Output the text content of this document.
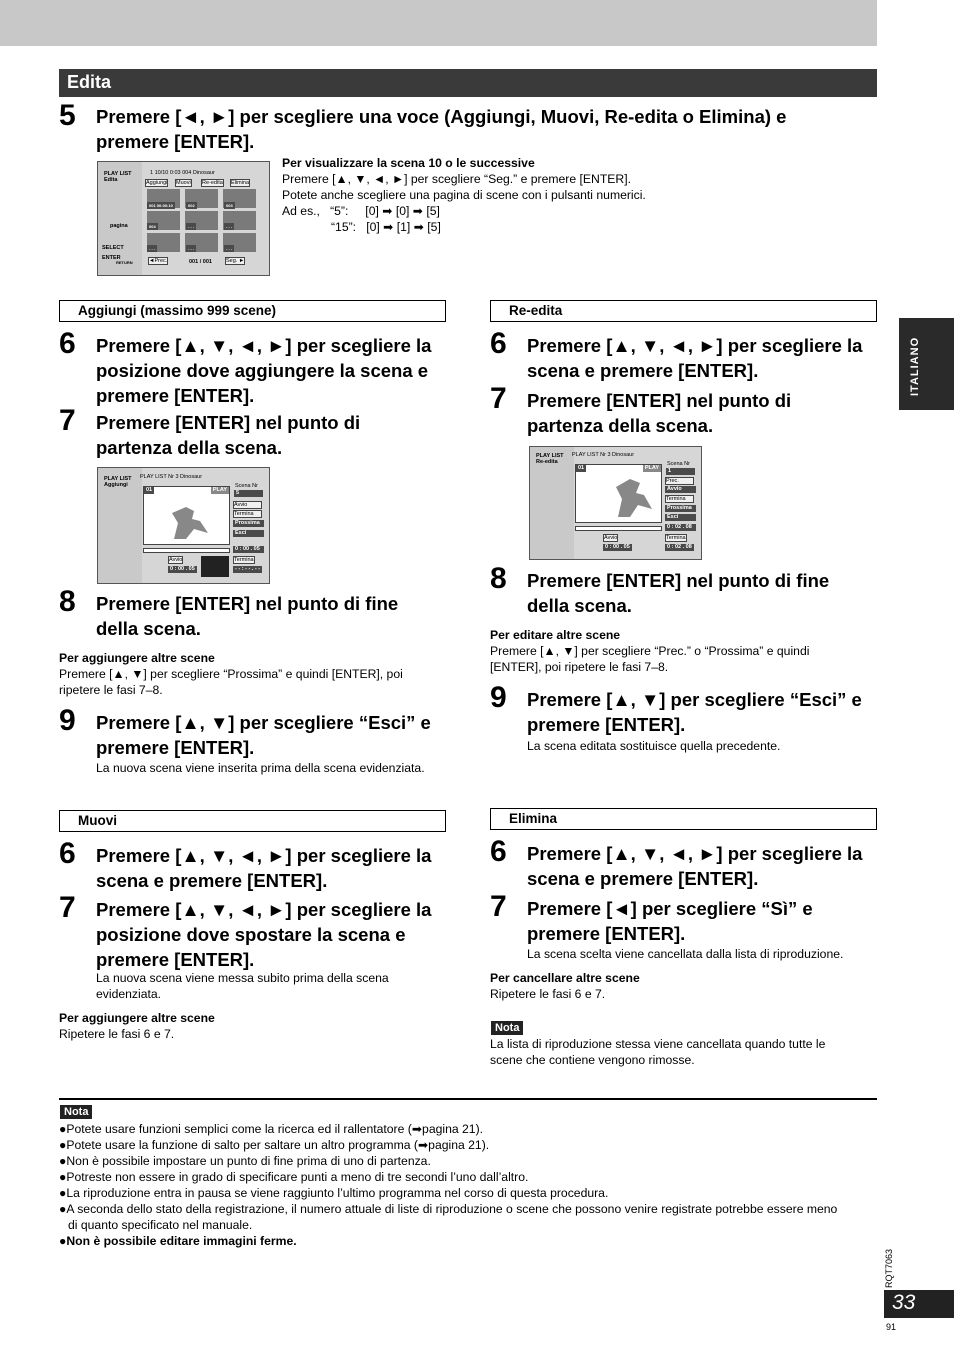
Edita
ITALIANO
5 Premere [◄, ►] per scegliere una voce (Aggiungi, Muovi, Re-edita o Elimina) e premere [ENTER].
PLAY LIST
Edita
pagina
SELECT
ENTER
RETURN
1 10/10 0:03 004 Dinosaur
Aggiungi Muovi Re-edita Elimina
001 00:00:10	002	003
004	- - -	- - -
- - -	- - -	- - -
◄Prec.	001 / 001	Seg. ►
Per visualizzare la scena 10 o le successive
Premere [▲, ▼, ◄, ►] per scegliere “Seg.” e premere [ENTER].
Potete anche scegliere una pagina di scene con i pulsanti numerici.
Ad es.,   “5”:     [0] ➡ [0] ➡ [5]
“15”:   [0] ➡ [1] ➡ [5]
Aggiungi (massimo 999 scene)
6 Premere [▲, ▼, ◄, ►] per scegliere la posizione dove aggiungere la scena e premere [ENTER].
7 Premere [ENTER] nel punto di partenza della scena.
PLAY LIST
Aggiungi
PLAY LIST Nr 3 Dinosaur
01	PLAY
Scena Nr
5
Avvio
Termina
Prossima
Esci
0 : 00 . 05
Avvio
0 : 00 . 05
Termina
- - : - - . - -
8 Premere [ENTER] nel punto di fine della scena.
Per aggiungere altre scene
Premere [▲, ▼] per scegliere “Prossima” e quindi [ENTER], poi
ripetere le fasi 7–8.
9 Premere [▲, ▼] per scegliere “Esci” e premere [ENTER].
La nuova scena viene inserita prima della scena evidenziata.
Re-edita
6 Premere [▲, ▼, ◄, ►] per scegliere la scena e premere [ENTER].
7 Premere [ENTER] nel punto di partenza della scena.
PLAY LIST
Re-edita
PLAY LIST Nr 3 Dinosaur
01	PLAY
Scena Nr
1
Prec.
Avvio
Termina
Prossima
Esci
0 : 02 . 08
Avvio
0 : 00 . 05
Termina
0 : 02 . 08
8 Premere [ENTER] nel punto di fine della scena.
Per editare altre scene
Premere [▲, ▼] per scegliere “Prec.” o “Prossima” e quindi
[ENTER], poi ripetere le fasi 7–8.
9 Premere [▲, ▼] per scegliere “Esci” e premere [ENTER].
La scena editata sostituisce quella precedente.
Muovi
6 Premere [▲, ▼, ◄, ►] per scegliere la scena e premere [ENTER].
7 Premere [▲, ▼, ◄, ►] per scegliere la posizione dove spostare la scena e premere [ENTER].
La nuova scena viene messa subito prima della scena
evidenziata.
Per aggiungere altre scene
Ripetere le fasi 6 e 7.
Elimina
6 Premere [▲, ▼, ◄, ►] per scegliere la scena e premere [ENTER].
7 Premere [◄] per scegliere “Sì” e premere [ENTER].
La scena scelta viene cancellata dalla lista di riproduzione.
Per cancellare altre scene
Ripetere le fasi 6 e 7.
Nota
La lista di riproduzione stessa viene cancellata quando tutte le
scene che contiene vengono rimosse.
Nota
●Potete usare funzioni semplici come la ricerca ed il rallentatore (➡pagina 21).
●Potete usare la funzione di salto per saltare un altro programma (➡pagina 21).
●Non è possibile impostare un punto di fine prima di uno di partenza.
●Potreste non essere in grado di specificare punti a meno di tre secondi l’uno dall’altro.
●La riproduzione entra in pausa se viene raggiunto l’ultimo programma nel corso di questa procedura.
●A seconda dello stato della registrazione, il numero attuale di liste di riproduzione o scene che possono venire registrate potrebbe essere meno
di quanto specificato nel manuale.
●Non è possibile editare immagini ferme.
RQT7063
33
91
